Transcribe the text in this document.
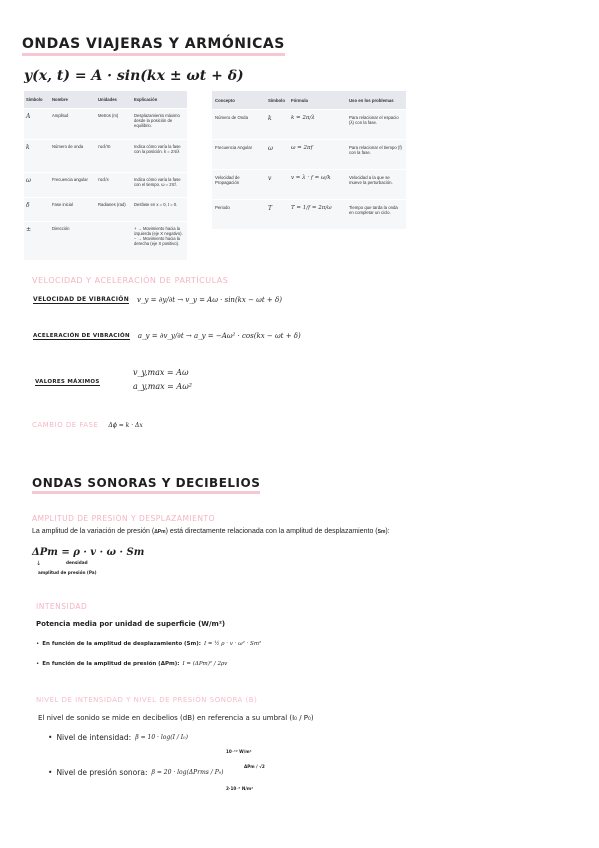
ONDAS VIAJERAS Y ARMÓNICAS
y(x, t) = A · sin(kx ± ωt + δ)
Símbolo	Nombre	Unidades	Explicación
A	Amplitud	Metros (m)	Desplazamiento máximo desde la posición de equilibrio.
k	Número de onda	rad/m	Indica cómo varía la fase con la posición. k = 2π/λ
ω	Frecuencia angular	rad/s	Indica cómo varía la fase con el tiempo. ω = 2πf.
δ	Fase inicial	Radianes (rad)	Desfase en x = 0, t = 0.
±	Dirección		+ → Movimiento hacia la izquierda (eje X negativo). − → Movimiento hacia la derecha (eje X positivo).
Concepto	Símbolo	Fórmula	Uso en los problemas
Número de Onda	k	k = 2π/λ	Para relacionar el espacio (λ) con la fase.
Frecuencia Angular	ω	ω = 2πf	Para relacionar el tiempo (f) con la fase.
Velocidad de Propagación	v	v = λ · f = ω/k	Velocidad a la que se mueve la perturbación.
Periodo	T	T = 1/f = 2π/ω	Tiempo que tarda la onda en completar un ciclo.
VELOCIDAD Y ACELERACIÓN DE PARTÍCULAS
VELOCIDAD DE VIBRACIÓN v_y = ∂y/∂t → v_y = Aω · sin(kx − ωt + δ)
ACELERACIÓN DE VIBRACIÓN a_y = ∂v_y/∂t → a_y = −Aω² · cos(kx − ωt + δ)
VALORES MÁXIMOS
v_y,max = Aω
a_y,max = Aω²
CAMBIO DE FASE Δϕ = k · Δx
ONDAS SONORAS Y DECIBELIOS
AMPLITUD DE PRESIÓN Y DESPLAZAMIENTO
La amplitud de la variación de presión (ΔPm) está directamente relacionada con la amplitud de desplazamiento (Sm):
ΔPm = ρ · v · ω · Sm
↓	densidad
amplitud de presión (Pa)
INTENSIDAD
Potencia media por unidad de superficie (W/m²)
• En función de la amplitud de desplazamiento (Sm): I = ½ ρ · v · ω² · Sm²
• En función de la amplitud de presión (ΔPm): I = (ΔPm)² / 2ρv
NIVEL DE INTENSIDAD Y NIVEL DE PRESIÓN SONORA (Β)
El nivel de sonido se mide en decibelios (dB) en referencia a su umbral (I₀ / P₀)
• Nivel de intensidad: β = 10 · log(I / I₀)
10⁻¹² W/m²
• Nivel de presión sonora: β = 20 · log(ΔPrms / P₀)
ΔPm / √2
2·10⁻⁵ N/m²
